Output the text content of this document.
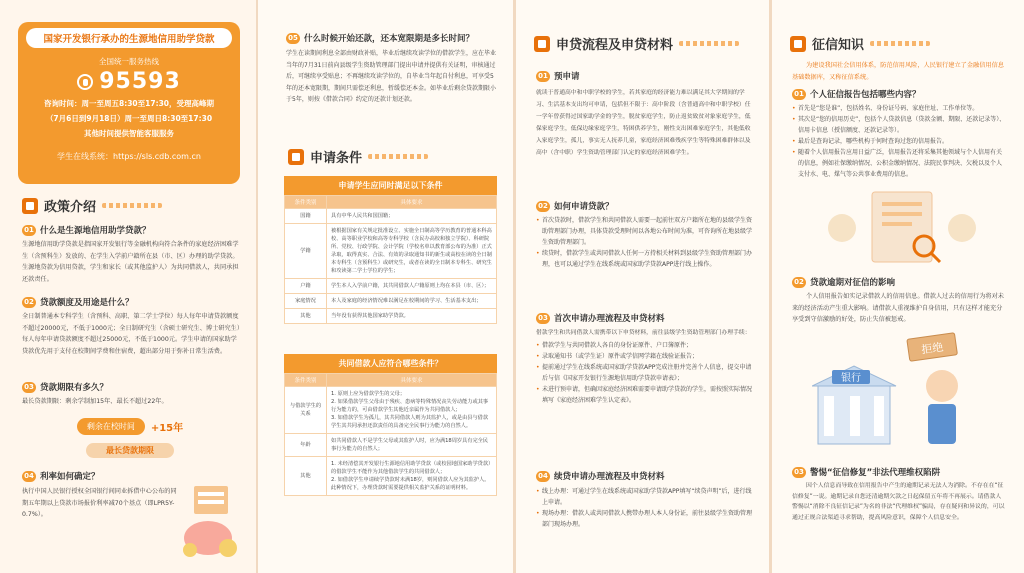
国家开发银行承办的生源地信用助学贷款
全国统一服务热线
95593
咨询时间：周一至周五8:30至17:30，受理高峰期
（7月6日到9月18日）周一至周日8:30至17:30
其他时间提供智能客服服务
学生在线系统：https://sls.cdb.com.cn
政策介绍
01 什么是生源地信用助学贷款？

生源地信用助学贷款是指国家开发银行等金融机构向符合条件的家庭经济困难学生（含预科生）发放的、在学生入学前户籍所在县（市、区）办理的助学贷款。生源地贷款为信用贷款，学生和家长（或其他监护人）为共同借款人，共同承担还款责任。

02 贷款额度及用途是什么？

全日制普通本专科学生（含预科、高职、第二学士学位）每人每年申请贷款额度不超过20000元，不低于1000元；全日制研究生（含硕士研究生、博士研究生）每人每年申请贷款额度不超过25000元，不低于1000元。学生申请的国家助学贷款优先用于支付在校期间学费和住宿费，超出部分用于弥补日常生活费。

03 贷款期限有多久？

最长贷款期限：剩余学制加15年、最长不超过22年。

剩余在校时间	+15年
最长贷款期限
04 利率如何确定？

执行中国人民银行授权全国银行间同业拆借中心公布的同期五年期以上贷款市场报价利率减70个基点（即LPR5Y-0.7%）。

05 什么时候开始还款，还本宽限期是多长时间？

学生在读期间利息全部由财政补贴，毕业后继续攻读学位的借款学生，应在毕业当年的7月31日前向县级学生资助管理部门提出申请并提供有关证明，审核通过后，可继续享受贴息；不再继续攻读学位的，自毕业当年起自付利息，可享受5年的还本宽限期，期间只需偿还利息，暂缓偿还本金。如毕业后剩余贷款期限小于5年，则按《借款合同》约定的还款计划还款。

申请条件
申请学生应同时满足以下条件
条件类别	具体要求
国籍	具有中华人民共和国国籍；
学籍	被根据国家有关规定批准设立、实施全日制高等学历教育的普通本科高校、高等职业学校和高等专科学校（含民办高校和独立学院）、科研院所、党校、行政学院、会计学院（学校名单以教育部公布的为准）正式录取，取得真实、合法、有效的录取通知书的新生或高校在读的全日制本专科生（含预科生）或研究生，或者在读的全日制本专科生、研究生和攻读第二学士学位的学生；
户籍	学生本人入学前户籍，其共同借款人户籍原则上均在本县（市、区）；
家庭情况	本人及家庭的经济情况难以满足在校期间的学习、生活基本支出；
其他	当年没有获得其他国家助学贷款。
共同借款人应符合哪些条件？
条件类别	具体要求
与借款学生的关系	1. 原则上应为借款学生的父母；
2. 如果借款学生父母由于残疾、患病等特殊情况丧失劳动能力或其事行为能力的，可由借款学生其他近亲属作为共同借款人；
3. 如借款学生为孤儿，其共同借款人则为其监护人，或是由县与借款学生其共同承担还款责任的具备完全民事行为能力的自然人。
年龄	如共同借款人不是学生父母或其监护人时，应为满18周岁具有完全民事行为能力的自然人；
其他	1. 未经清偿其开发银行生源地信用助学贷款（或校园地国家助学贷款）的借款学生不能作为其他借款学生的共同借款人；
2. 如借款学生申请续学贷款时未满18岁，则同借款人应为其监护人。此种情况下，办理贷款时需要提供相关监护关系的证明材料。
申贷流程及申贷材料
01 预申请

就读于普通高中和中职学校的学生，若其家庭的经济能力难以满足其大学期间的学习、生活基本支出均可申请，包括但不限于：高中阶段（含普通高中和中职学校）任一学年曾获得过国家助学金的学生，脱贫家庭学生，防止返贫致贫对象家庭学生，低保家庭学生，低保边缘家庭学生，特困供养学生，刚性支出困难家庭学生，其他低收入家庭学生，孤儿，事实无人抚养儿童，家庭经济困难残疾学生等特殊困难群体以及高中（含中职）学生资助管理部门认定的家庭经济困难学生。

02 如何申请贷款？
• 首次贷款时，借款学生和共同借款人需要一起前往双方户籍所在地的县级学生资助管理部门办理，具体贷款受理时间以各地公布时间为准，可咨询所在地县级学生资助管理部门。
• 续贷时，借款学生或共同借款人任何一方持相关材料到县级学生资助管理部门办理，也可以通过学生在线系统或国家助学贷款APP进行线上操作。
03 首次申请办理流程及申贷材料

借款学生和共同借款人需携带以下申贷材料，前往县级学生资助管理部门办理手续：

• 借款学生与共同借款人各自的身份证原件、户口簿原件；
• 录取通知书（或学生证）原件或学信网学籍在线验证报告；
• 提前通过学生在线系统或国家助学贷款APP完成注册并完善个人信息，提交申请后与信《国家开发银行生源地信用助学贷款申请表》；
• 未进行预申请，但确因家庭经济困难需要申请助学贷款的学生，需按照实际情况填写《家庭经济困难学生认定表》。
04 续贷申请办理流程及申贷材料
• 线上办理：可通过学生在线系统或国家助学贷款APP填写“续贷声明”后，进行线上申请。
• 现场办理：借款人或共同借款人携带办理人本人身份证，前往县级学生资助管理部门现场办理。
征信知识

为建设我国社会信用体系，防范信用风险，人民银行建立了金融信用信息基础数据库，又称征信系统。

01 个人征信报告包括哪些内容？
• 首先是“您是谁”，包括姓名、身份证号码、家庭住址、工作单位等。
• 其次是“您的信用历史”，包括个人贷款信息（贷款金额、期限、还款记录等）、信用卡信息（授信额度、还款记录等）。
• 最后是查询记录，哪些机构于何时查询过您的信用报告。
• 随着个人信用报告应用日益广泛，信用报告还将采集其他领域与个人信用有关的信息，例如社保缴纳情况、公积金缴纳情况、法院民事判决、欠税以及个人支付水、电、煤气等公共事业费用的信息。
02 贷款逾期对征信的影响

个人信用报告如实记录借款人的信用信息。借款人过去的信用行为将对未来的经济活动产生重大影响。请借款人重视维护自身信用，只有这样才能充分享受到守信激励的好处，防止失信被惩戒。

银行
拒绝
03 警惕“征信修复”非法代理维权陷阱

因个人信息而导致在信用报告中产生的逾期记录无法人为消除。不存在在“征信修复”一说。逾期记录自您还清逾期欠款之日起保留五年将不再展示。请借款人警惕以“消除不良征信记录”为名的非法“代理维权”骗局，存在疑问和异议的，可以通过正规合法渠道寻求帮助，提高风险意识，保障个人信息安全。
